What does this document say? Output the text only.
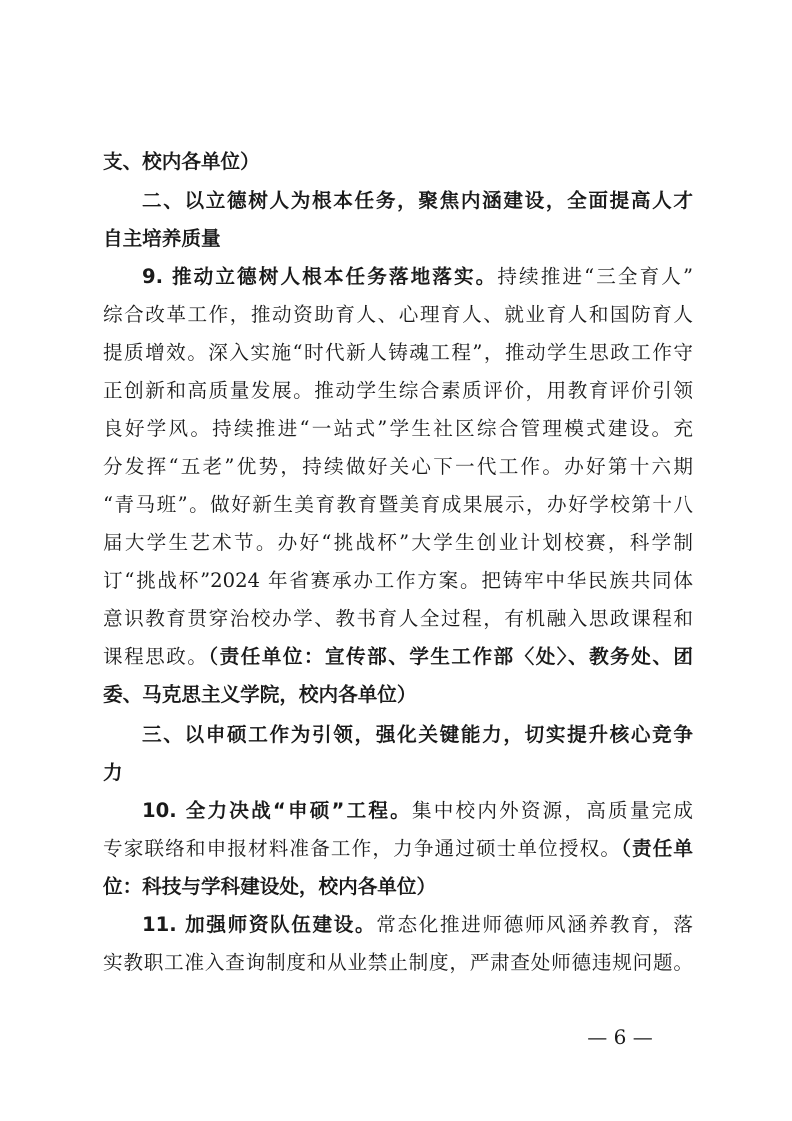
支、校内各单位）
二、以立德树人为根本任务，聚焦内涵建设，全面提高人才
自主培养质量
9. 推动立德树人根本任务落地落实。持续推进“三全育人”
综合改革工作，推动资助育人、心理育人、就业育人和国防育人
提质增效。深入实施“时代新人铸魂工程”，推动学生思政工作守
正创新和高质量发展。推动学生综合素质评价，用教育评价引领
良好学风。持续推进“一站式”学生社区综合管理模式建设。充
分发挥“五老”优势，持续做好关心下一代工作。办好第十六期
“青马班”。做好新生美育教育暨美育成果展示，办好学校第十八
届大学生艺术节。办好“挑战杯”大学生创业计划校赛，科学制
订“挑战杯”2024 年省赛承办工作方案。把铸牢中华民族共同体
意识教育贯穿治校办学、教书育人全过程，有机融入思政课程和
课程思政。（责任单位：宣传部、学生工作部〈处〉、教务处、团
委、马克思主义学院，校内各单位）
三、以申硕工作为引领，强化关键能力，切实提升核心竞争
力
10. 全力决战“申硕”工程。集中校内外资源，高质量完成
专家联络和申报材料准备工作，力争通过硕士单位授权。（责任单
位：科技与学科建设处，校内各单位）
11. 加强师资队伍建设。常态化推进师德师风涵养教育，落
实教职工准入查询制度和从业禁止制度，严肃查处师德违规问题。
— 6 —
